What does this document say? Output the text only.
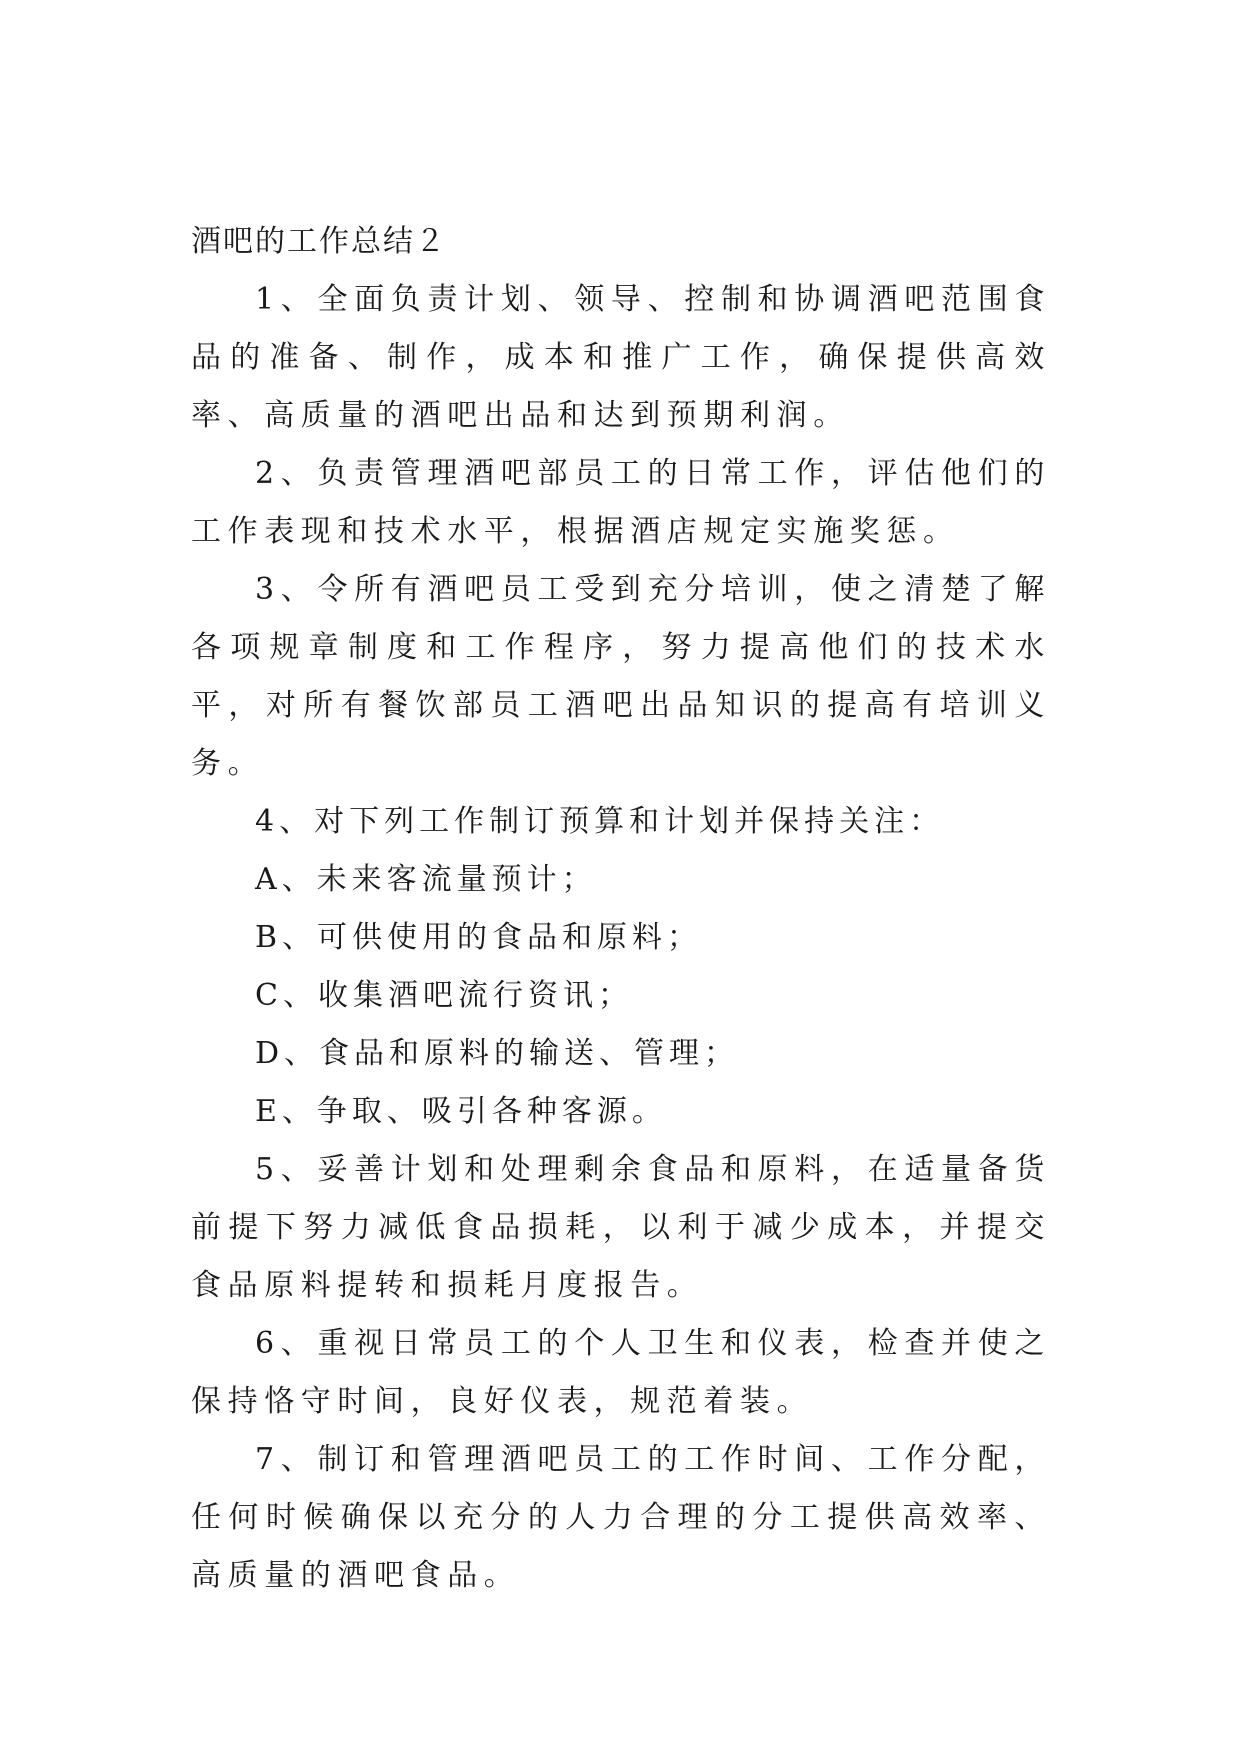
酒吧的工作总结２

1、全面负责计划、领导、控制和协调酒吧范围食品的准备、制作，成本和推广工作，确保提供高效率、高质量的酒吧出品和达到预期利润。

2、负责管理酒吧部员工的日常工作，评估他们的工作表现和技术水平，根据酒店规定实施奖惩。

3、令所有酒吧员工受到充分培训，使之清楚了解各项规章制度和工作程序，努力提高他们的技术水平，对所有餐饮部员工酒吧出品知识的提高有培训义务。

4、对下列工作制订预算和计划并保持关注：

A、未来客流量预计；

B、可供使用的食品和原料；

C、收集酒吧流行资讯；

D、食品和原料的输送、管理；

E、争取、吸引各种客源。

5、妥善计划和处理剩余食品和原料，在适量备货前提下努力减低食品损耗，以利于减少成本，并提交食品原料提转和损耗月度报告。

6、重视日常员工的个人卫生和仪表，检查并使之保持恪守时间，良好仪表，规范着装。

7、制订和管理酒吧员工的工作时间、工作分配，任何时候确保以充分的人力合理的分工提供高效率、高质量的酒吧食品。
